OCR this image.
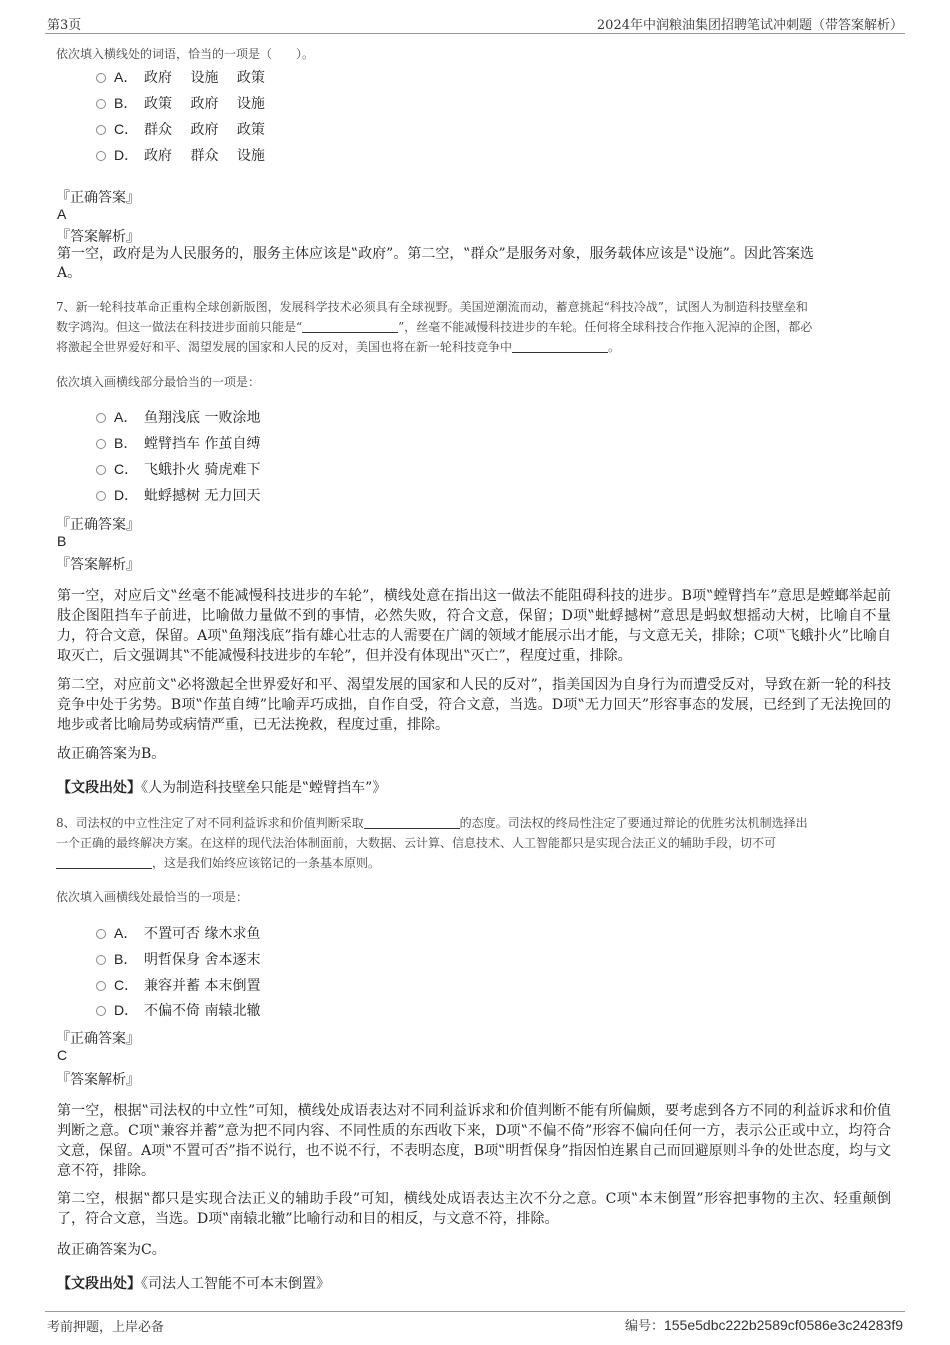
第3页	2024年中润粮油集团招聘笔试冲刺题（带答案解析）
依次填入横线处的词语，恰当的一项是（　　）。
A． 政府　 设施　 政策
B． 政策　 政府　 设施
C． 群众　 政府　 政策
D． 政府　 群众　 设施
『正确答案』
A
『答案解析』
第一空，政府是为人民服务的，服务主体应该是‟政府”。第二空，‟群众”是服务对象，服务载体应该是‟设施”。因此答案选
A。
7、新一轮科技革命正重构全球创新版图，发展科学技术必须具有全球视野。美国逆潮流而动，蓄意挑起“科技冷战”，试图人为制造科技壁垒和
数字鸿沟。但这一做法在科技进步面前只能是“	”，丝毫不能减慢科技进步的车轮。任何将全球科技合作拖入泥淖的企图，都必
将激起全世界爱好和平、渴望发展的国家和人民的反对，美国也将在新一轮科技竞争中	。
依次填入画横线部分最恰当的一项是：
A． 鱼翔浅底 一败涂地
B． 螳臂挡车 作茧自缚
C． 飞蛾扑火 骑虎难下
D． 蚍蜉撼树 无力回天
『正确答案』
B
『答案解析』
第一空，对应后文‟丝毫不能减慢科技进步的车轮”，横线处意在指出这一做法不能阻碍科技的进步。B项‟螳臂挡车”意思是螳螂举起前肢企图阻挡车子前进，比喻做力量做不到的事情，必然失败，符合文意，保留；D项‟蚍蜉撼树”意思是蚂蚁想摇动大树，比喻自不量力，符合文意，保留。A项‟鱼翔浅底”指有雄心壮志的人需要在广阔的领域才能展示出才能，与文意无关，排除；C项‟飞蛾扑火”比喻自取灭亡，后文强调其‟不能减慢科技进步的车轮”，但并没有体现出‟灭亡”，程度过重，排除。
第二空，对应前文‟必将激起全世界爱好和平、渴望发展的国家和人民的反对”，指美国因为自身行为而遭受反对，导致在新一轮的科技竞争中处于劣势。B项‟作茧自缚”比喻弄巧成拙，自作自受，符合文意，当选。D项‟无力回天”形容事态的发展，已经到了无法挽回的地步或者比喻局势或病情严重，已无法挽救，程度过重，排除。
故正确答案为B。
【文段出处】《人为制造科技壁垒只能是‟螳臂挡车”》
8、司法权的中立性注定了对不同利益诉求和价值判断采取	的态度。司法权的终局性注定了要通过辩论的优胜劣汰机制选择出
一个正确的最终解决方案。在这样的现代法治体制面前，大数据、云计算、信息技术、人工智能都只是实现合法正义的辅助手段，切不可
，这是我们始终应该铭记的一条基本原则。
依次填入画横线处最恰当的一项是：
A． 不置可否 缘木求鱼
B． 明哲保身 舍本逐末
C． 兼容并蓄 本末倒置
D． 不偏不倚 南辕北辙
『正确答案』
C
『答案解析』
第一空，根据‟司法权的中立性”可知，横线处成语表达对不同利益诉求和价值判断不能有所偏颇，要考虑到各方不同的利益诉求和价值判断之意。C项‟兼容并蓄”意为把不同内容、不同性质的东西收下来，D项‟不偏不倚”形容不偏向任何一方，表示公正或中立，均符合文意，保留。A项‟不置可否”指不说行，也不说不行，不表明态度，B项‟明哲保身”指因怕连累自己而回避原则斗争的处世态度，均与文意不符，排除。
第二空，根据‟都只是实现合法正义的辅助手段”可知，横线处成语表达主次不分之意。C项‟本末倒置”形容把事物的主次、轻重颠倒了，符合文意，当选。D项‟南辕北辙”比喻行动和目的相反，与文意不符，排除。
故正确答案为C。
【文段出处】《司法人工智能不可本末倒置》
考前押题，上岸必备	编号：155e5dbc222b2589cf0586e3c24283f9
